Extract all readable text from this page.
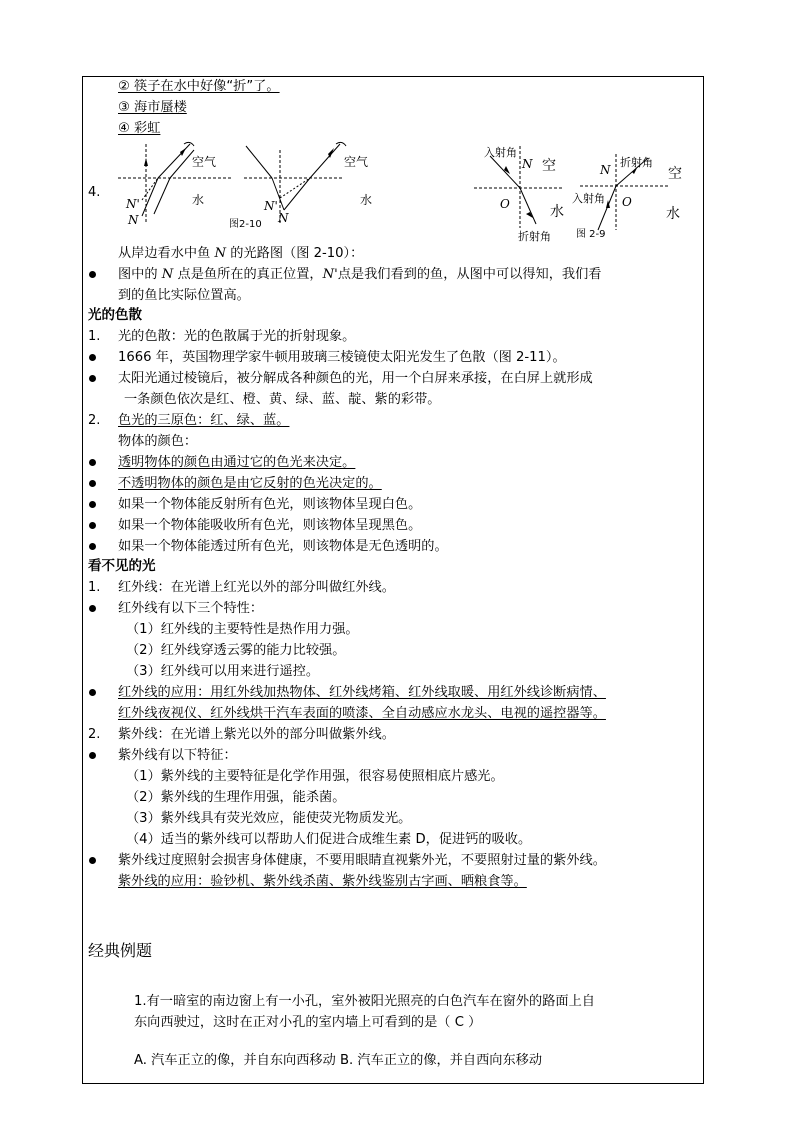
② 筷子在水中好像“折”了。
③ 海市蜃楼
④ 彩虹
4.
空气
水
N'
N
空气
水
N'
N
图2-10
入射角
N 空
O	水
折射角
折射角
N	空
入射角 O
水
图 2-9
从岸边看水中鱼 N 的光路图（图 2-10）：
图中的 N 点是鱼所在的真正位置，N'点是我们看到的鱼，从图中可以得知，我们看
到的鱼比实际位置高。
光的色散
1. 光的色散：光的色散属于光的折射现象。
1666 年，英国物理学家牛顿用玻璃三棱镜使太阳光发生了色散（图 2-11）。
太阳光通过棱镜后，被分解成各种颜色的光，用一个白屏来承接，在白屏上就形成
一条颜色依次是红、橙、黄、绿、蓝、靛、紫的彩带。
2. 色光的三原色：红、绿、蓝。
物体的颜色：
透明物体的颜色由通过它的色光来决定。
不透明物体的颜色是由它反射的色光决定的。
如果一个物体能反射所有色光，则该物体呈现白色。
如果一个物体能吸收所有色光，则该物体呈现黑色。
如果一个物体能透过所有色光，则该物体是无色透明的。
看不见的光
1. 红外线：在光谱上红光以外的部分叫做红外线。
红外线有以下三个特性：
（1）红外线的主要特性是热作用力强。
（2）红外线穿透云雾的能力比较强。
（3）红外线可以用来进行遥控。
红外线的应用：用红外线加热物体、红外线烤箱、红外线取暖、用红外线诊断病情、
红外线夜视仪、红外线烘干汽车表面的喷漆、全自动感应水龙头、电视的遥控器等。
2. 紫外线：在光谱上紫光以外的部分叫做紫外线。
紫外线有以下特征：
（1）紫外线的主要特征是化学作用强，很容易使照相底片感光。
（2）紫外线的生理作用强，能杀菌。
（3）紫外线具有荧光效应，能使荧光物质发光。
（4）适当的紫外线可以帮助人们促进合成维生素 D，促进钙的吸收。
紫外线过度照射会损害身体健康，不要用眼睛直视紫外光，不要照射过量的紫外线。
紫外线的应用：验钞机、紫外线杀菌、紫外线鉴别古字画、晒粮食等。
经典例题
1.有一暗室的南边窗上有一小孔，室外被阳光照亮的白色汽车在窗外的路面上自
东向西驶过，这时在正对小孔的室内墙上可看到的是（ C ）
A. 汽车正立的像，并自东向西移动 B. 汽车正立的像，并自西向东移动
